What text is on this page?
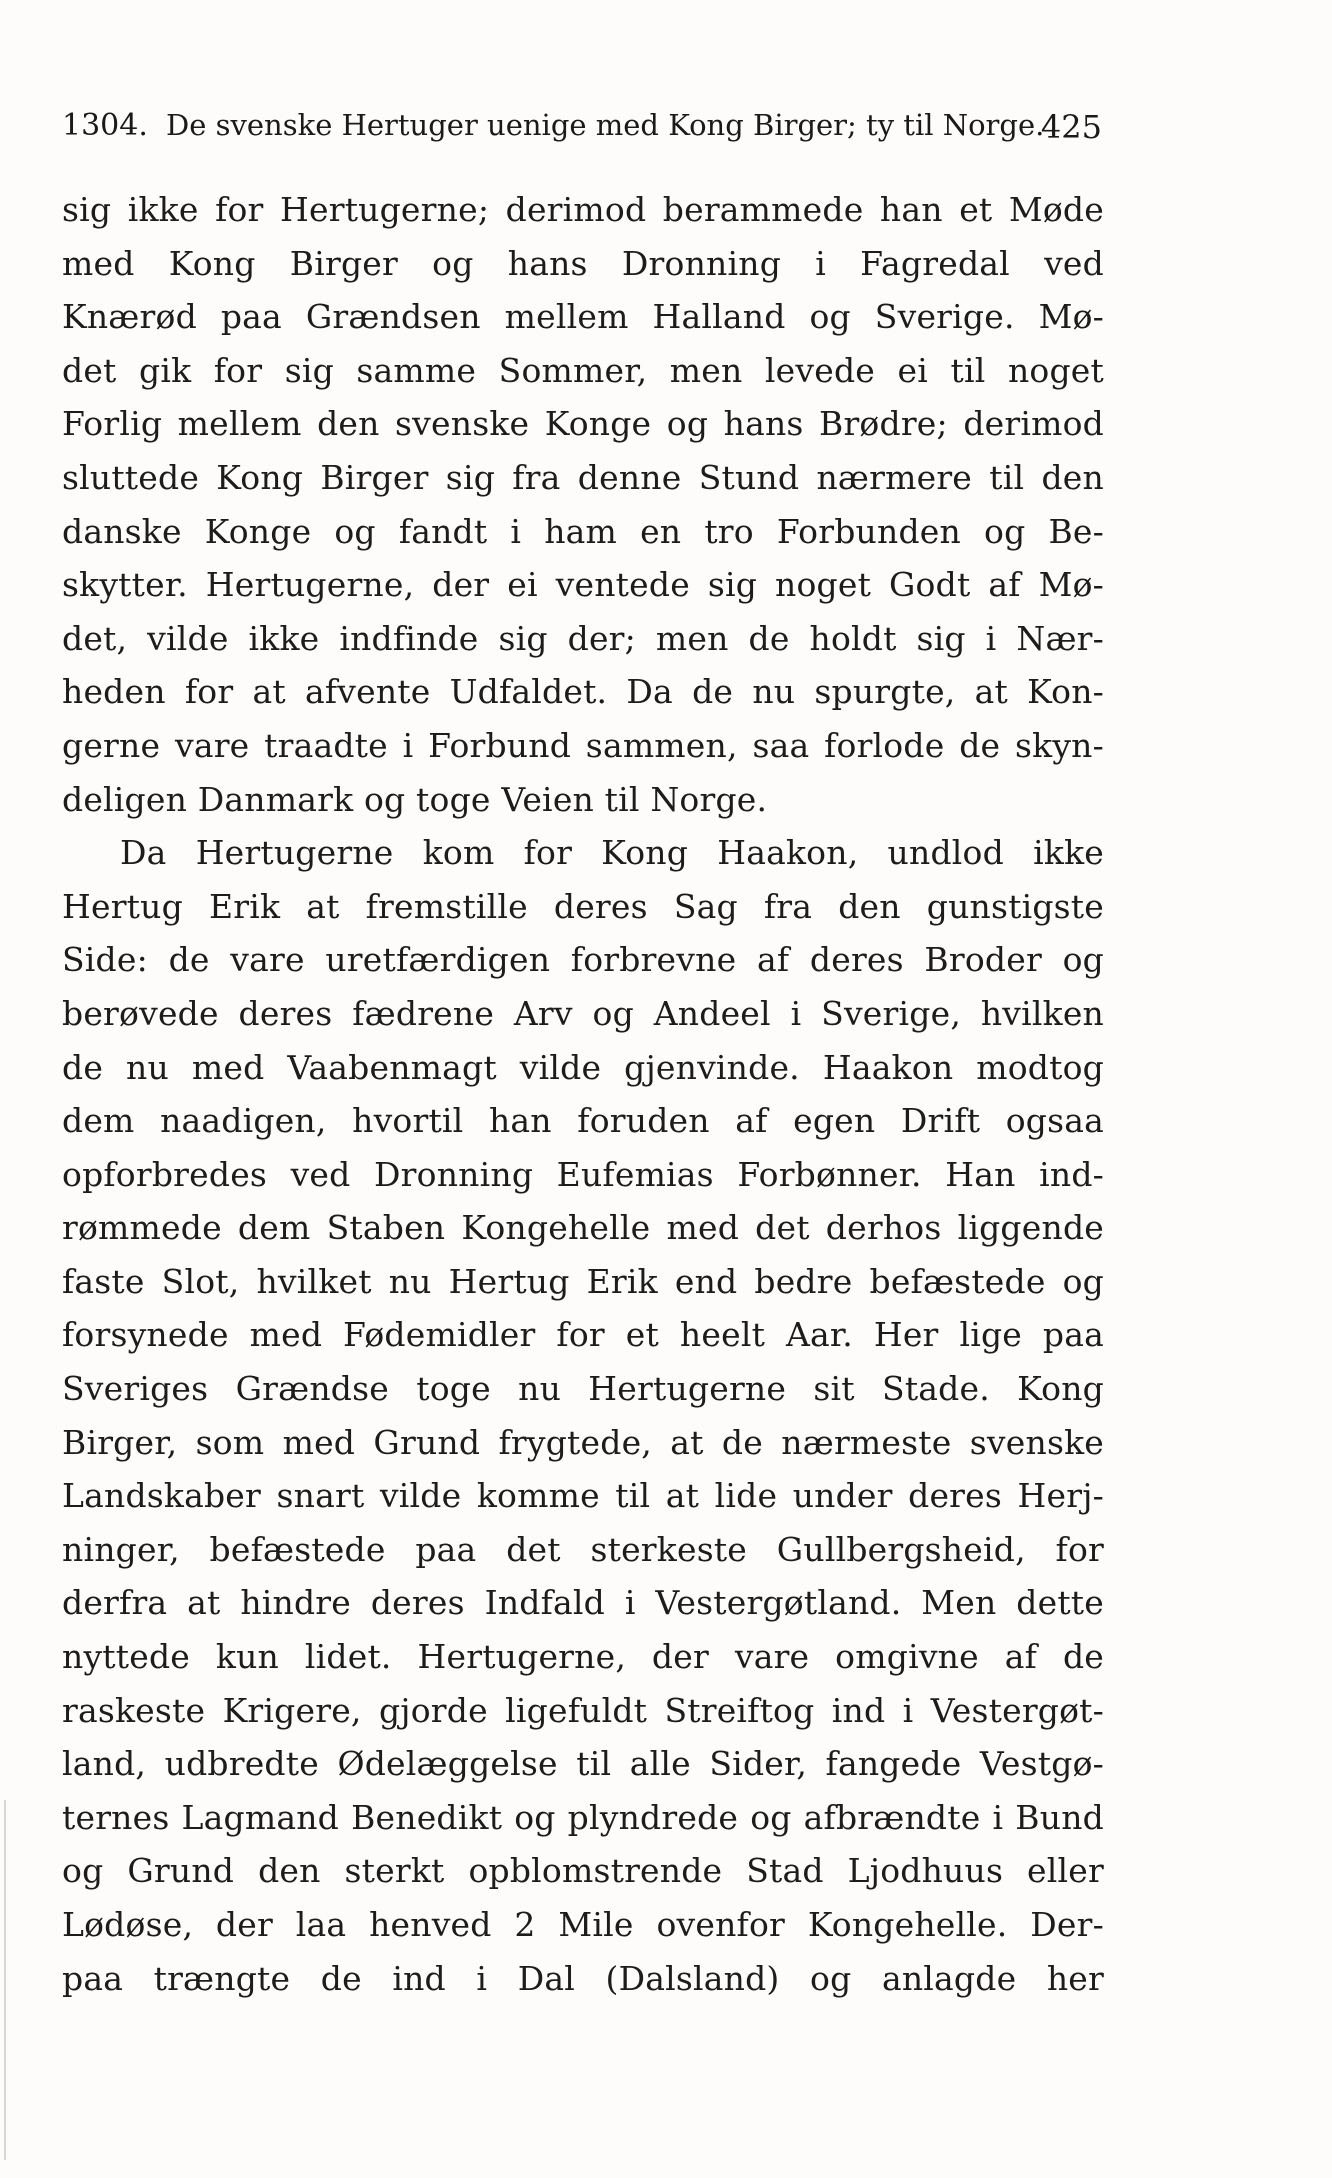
1304. De svenske Hertuger uenige med Kong Birger; ty til Norge.
425
sig ikke for Hertugerne; derimod berammede han et Møde
med Kong Birger og hans Dronning i Fagredal ved
Knærød paa Grændsen mellem Halland og Sverige. Mø-
det gik for sig samme Sommer, men levede ei til noget
Forlig mellem den svenske Konge og hans Brødre; derimod
sluttede Kong Birger sig fra denne Stund nærmere til den
danske Konge og fandt i ham en tro Forbunden og Be-
skytter. Hertugerne, der ei ventede sig noget Godt af Mø-
det, vilde ikke indfinde sig der; men de holdt sig i Nær-
heden for at afvente Udfaldet. Da de nu spurgte, at Kon-
gerne vare traadte i Forbund sammen, saa forlode de skyn-
deligen Danmark og toge Veien til Norge.
Da Hertugerne kom for Kong Haakon, undlod ikke
Hertug Erik at fremstille deres Sag fra den gunstigste
Side: de vare uretfærdigen forbrevne af deres Broder og
berøvede deres fædrene Arv og Andeel i Sverige, hvilken
de nu med Vaabenmagt vilde gjenvinde. Haakon modtog
dem naadigen, hvortil han foruden af egen Drift ogsaa
opforbredes ved Dronning Eufemias Forbønner. Han ind-
rømmede dem Staben Kongehelle med det derhos liggende
faste Slot, hvilket nu Hertug Erik end bedre befæstede og
forsynede med Fødemidler for et heelt Aar. Her lige paa
Sveriges Grændse toge nu Hertugerne sit Stade. Kong
Birger, som med Grund frygtede, at de nærmeste svenske
Landskaber snart vilde komme til at lide under deres Herj-
ninger, befæstede paa det sterkeste Gullbergsheid, for
derfra at hindre deres Indfald i Vestergøtland. Men dette
nyttede kun lidet. Hertugerne, der vare omgivne af de
raskeste Krigere, gjorde ligefuldt Streiftog ind i Vestergøt-
land, udbredte Ødelæggelse til alle Sider, fangede Vestgø-
ternes Lagmand Benedikt og plyndrede og afbrændte i Bund
og Grund den sterkt opblomstrende Stad Ljodhuus eller
Lødøse, der laa henved 2 Mile ovenfor Kongehelle. Der-
paa trængte de ind i Dal (Dalsland) og anlagde her
